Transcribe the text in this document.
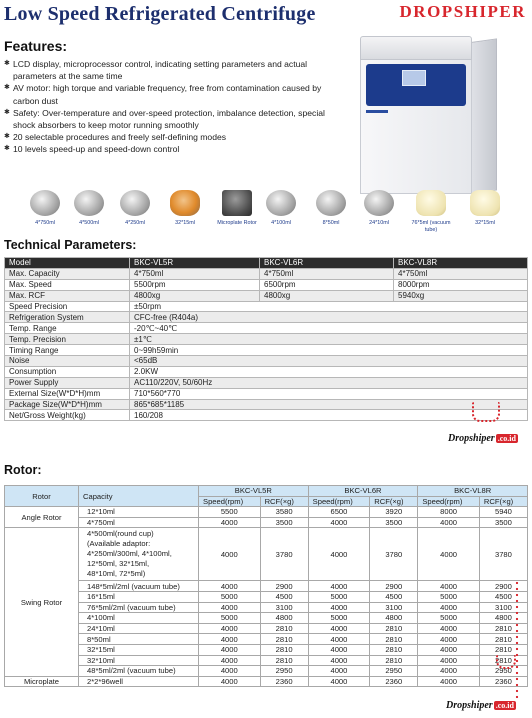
Low Speed Refrigerated Centrifuge	DROPSHIPER
Features:
✱ LCD display, microprocessor control, indicating setting parameters and actual parameters at the same time
✱ AV motor: high torque and variable frequency, free from contamination caused by carbon dust
✱ Safety: Over-temperature and over-speed protection, imbalance detection, special shock absorbers to keep motor running smoothly
✱ 20 selectable procedures and freely self-defining modes
✱ 10 levels speed-up and speed-down control
4*750ml	4*500ml	4*250ml	32*15ml	Microplate Rotor	4*100ml	8*50ml	24*10ml	76*5ml (vacuum tube)
32*15ml
Technical Parameters:
Model	BKC-VL5R	BKC-VL6R	BKC-VL8R
Max. Capacity	4*750ml	4*750ml	4*750ml
Max. Speed	5500rpm	6500rpm	8000rpm
Max. RCF	4800xg	4800xg	5940xg
Speed Precision	±50rpm		
Refrigeration System	CFC-free (R404a)		
Temp. Range	-20℃~40℃		
Temp. Precision	±1℃		
Timing Range	0~99h59min		
Noise	<65dB		
Consumption	2.0KW		
Power Supply	AC110/220V, 50/60Hz		
External Size(W*D*H)mm	710*560*770		
Package Size(W*D*H)mm	865*685*1185		
Net/Gross Weight(kg)	160/208		
Rotor:
Rotor	Capacity	BKC-VL5R		BKC-VL6R		BKC-VL8R	
		Speed(rpm)	RCF(×g)	Speed(rpm)	RCF(×g)	Speed(rpm)	RCF(×g)
Angle Rotor	12*10ml	5500	3580	6500	3920	8000	5940
	4*750ml	4000	3500	4000	3500	4000	3500
Swing Rotor	4*500ml(round cup)
(Available adaptor:
4*250ml/300ml, 4*100ml,
12*50ml, 32*15ml,
48*10ml, 72*5ml)	4000	3780	4000	3780	4000	3780
	148*5ml/2ml (vacuum tube)	4000	2900	4000	2900	4000	2900
	16*15ml	5000	4500	5000	4500	5000	4500
	76*5ml/2ml (vacuum tube)	4000	3100	4000	3100	4000	3100
	4*100ml	5000	4800	5000	4800	5000	4800
	24*10ml	4000	2810	4000	2810	4000	2810
	8*50ml	4000	2810	4000	2810	4000	2810
	32*15ml	4000	2810	4000	2810	4000	2810
	32*10ml	4000	2810	4000	2810	4000	2810
	48*5ml/2ml (vacuum tube)	4000	2950	4000	2950	4000	2950
Microplate	2*2*96well	4000	2360	4000	2360	4000	2360
Dropshiper .co.id
Dropshiper .co.id
